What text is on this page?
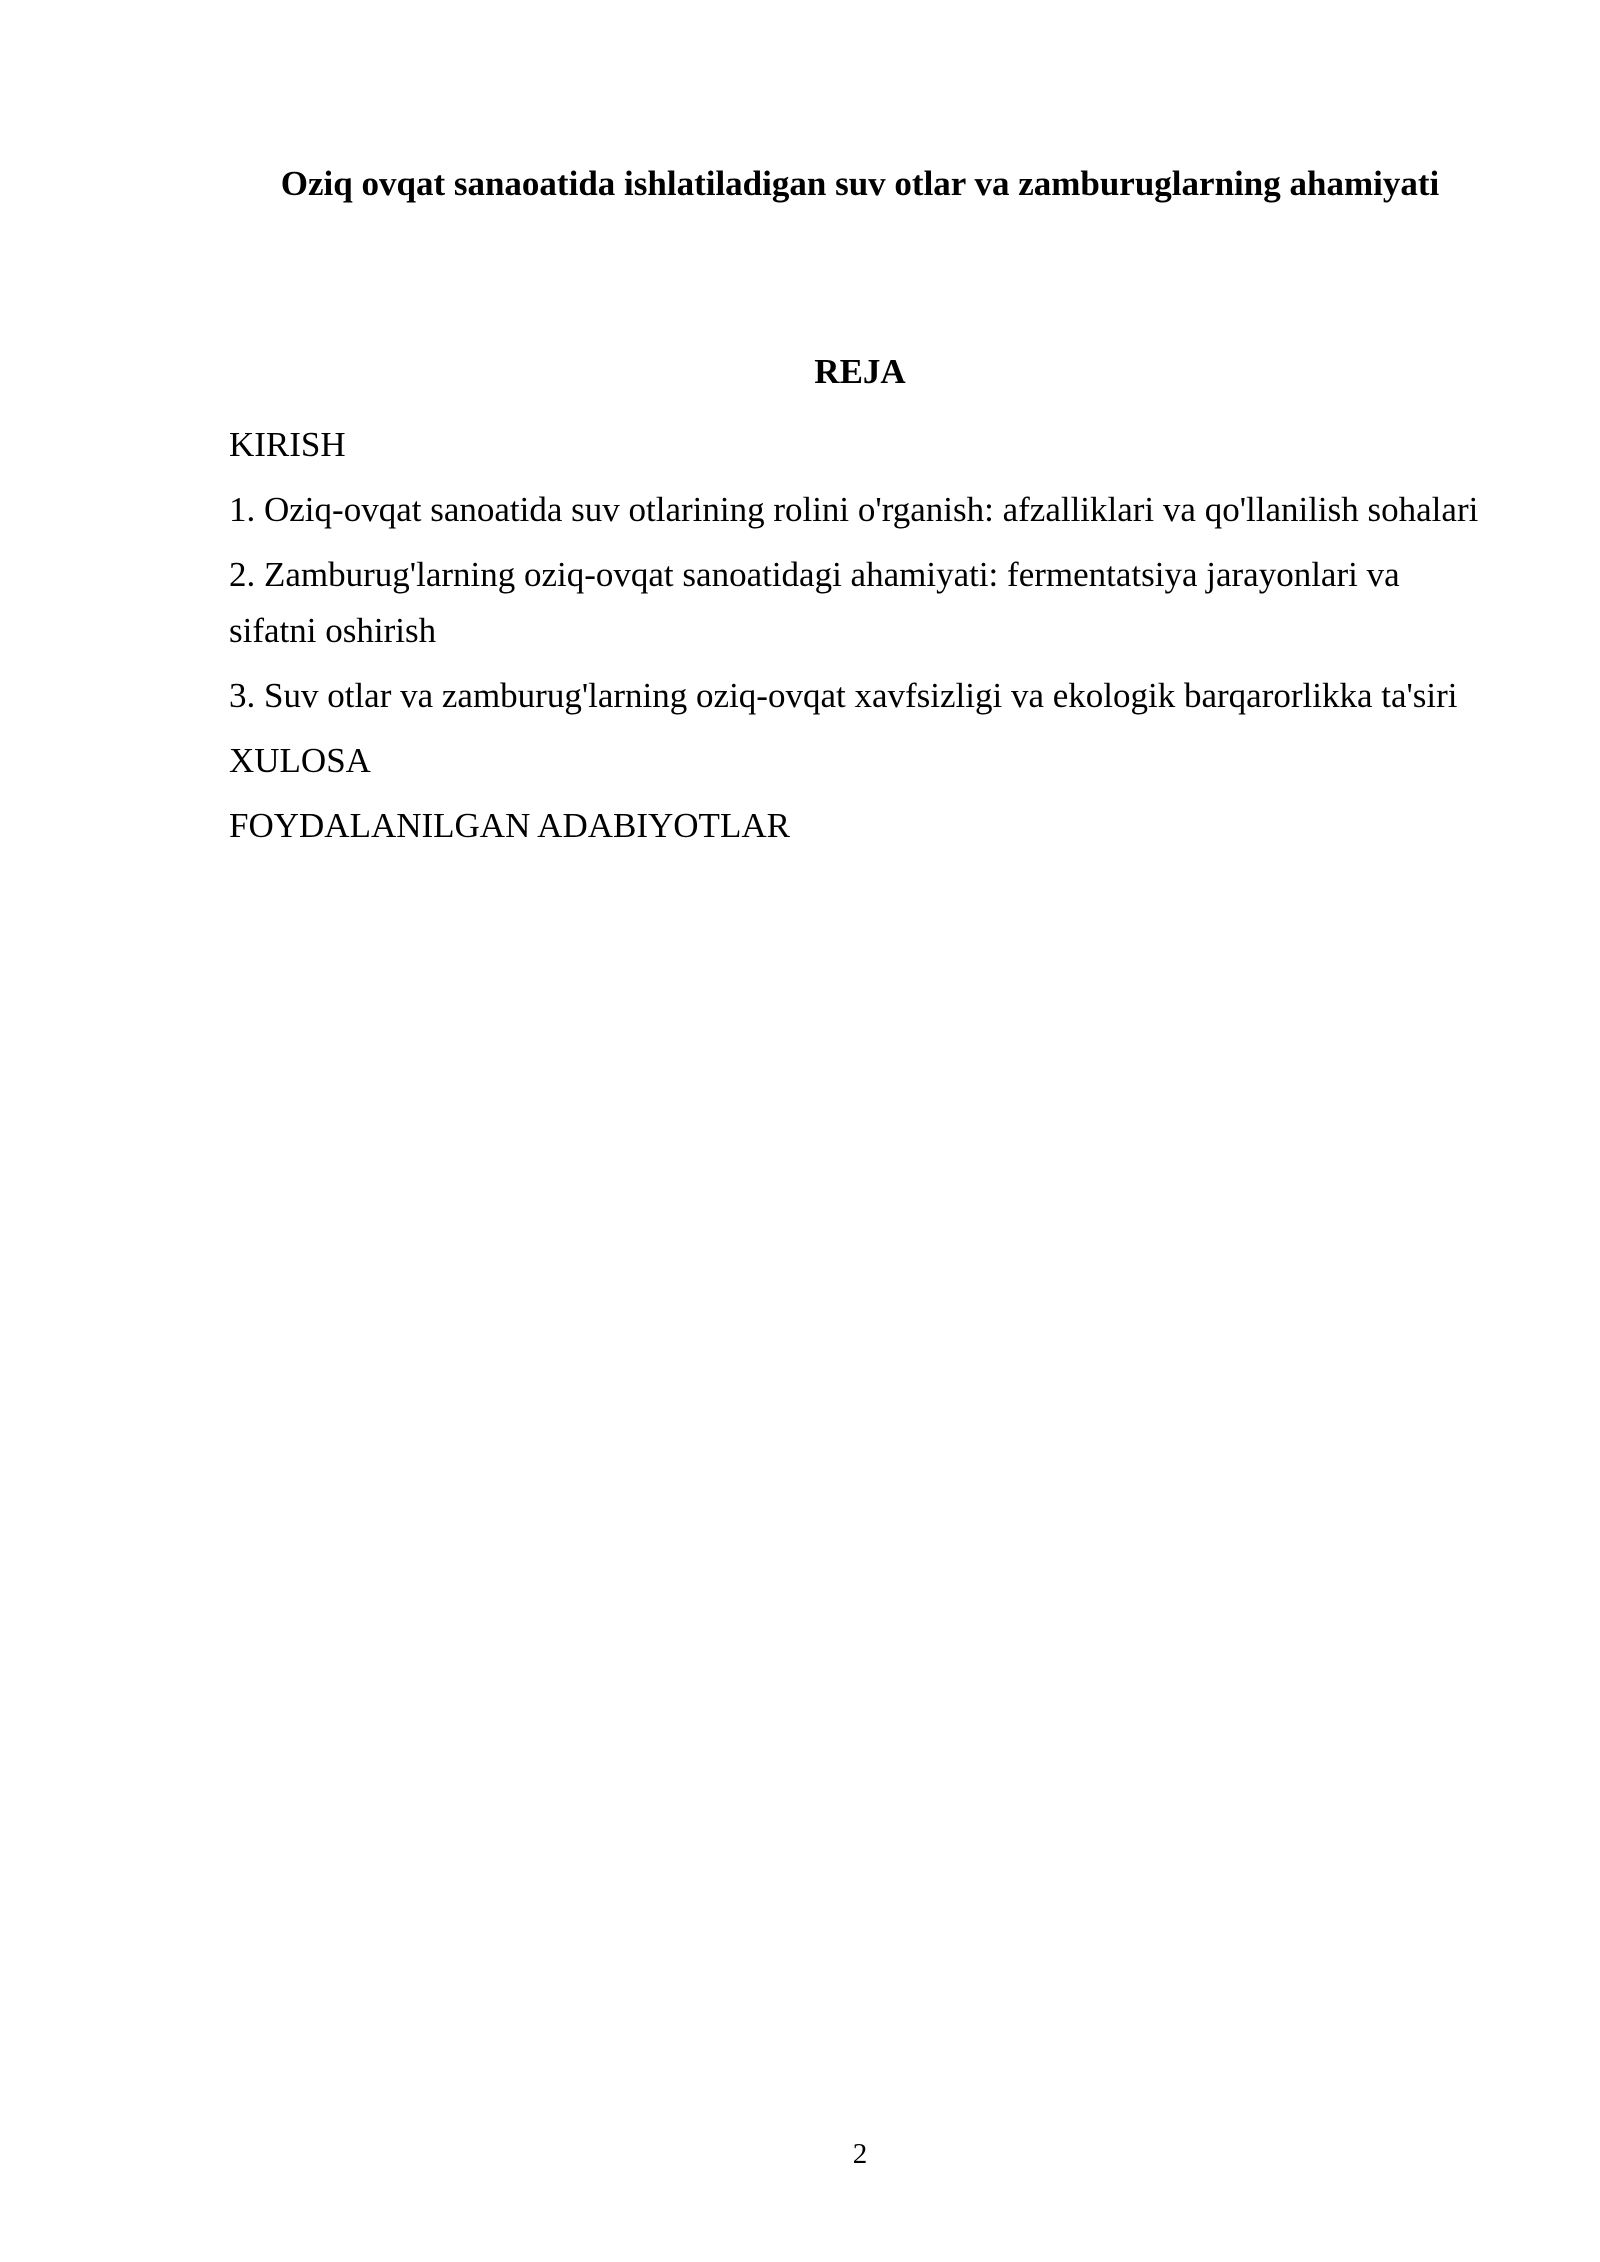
Oziq ovqat sanaoatida ishlatiladigan suv otlar va zamburuglarning ahamiyati
REJA
KIRISH
1. Oziq-ovqat sanoatida suv otlarining rolini o'rganish: afzalliklari va qo'llanilish sohalari
2. Zamburug'larning oziq-ovqat sanoatidagi ahamiyati: fermentatsiya jarayonlari va sifatni oshirish
3. Suv otlar va zamburug'larning oziq-ovqat xavfsizligi va ekologik barqarorlikka ta'siri
XULOSA
FOYDALANILGAN ADABIYOTLAR
2
